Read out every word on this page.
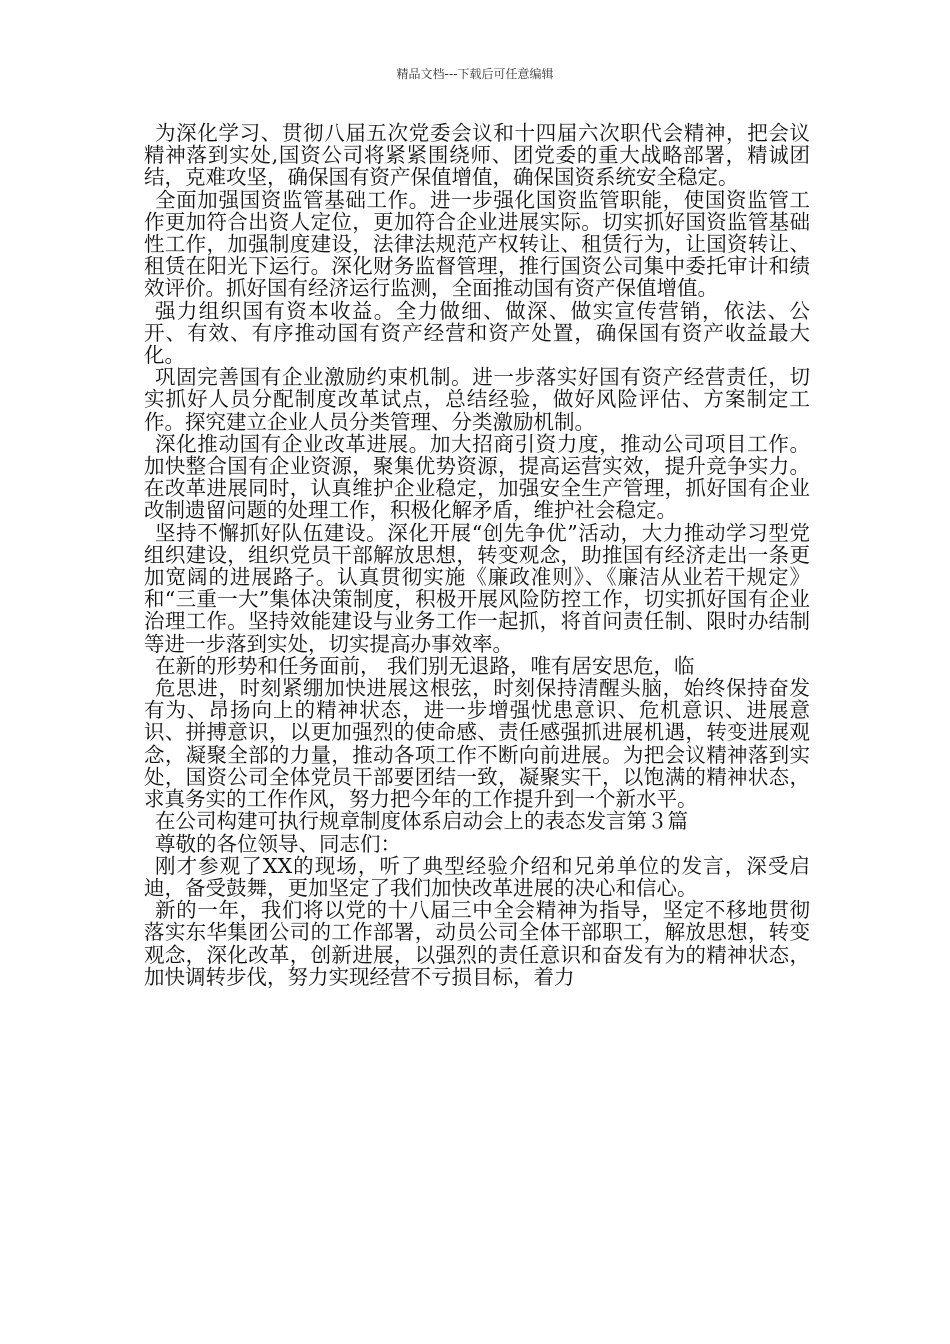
精品文档---下载后可任意编辑

为深化学习、贯彻八届五次党委会议和十四届六次职代会精神，把会议精神落到实处,国资公司将紧紧围绕师、团党委的重大战略部署，精诚团结，克难攻坚，确保国有资产保值增值，确保国资系统安全稳定。

全面加强国资监管基础工作。进一步强化国资监管职能，使国资监管工作更加符合出资人定位，更加符合企业进展实际。切实抓好国资监管基础性工作，加强制度建设，法律法规范产权转让、租赁行为，让国资转让、租赁在阳光下运行。深化财务监督管理，推行国资公司集中委托审计和绩效评价。抓好国有经济运行监测，全面推动国有资产保值增值。

强力组织国有资本收益。全力做细、做深、做实宣传营销，依法、公开、有效、有序推动国有资产经营和资产处置，确保国有资产收益最大化。

巩固完善国有企业激励约束机制。进一步落实好国有资产经营责任，切实抓好人员分配制度改革试点，总结经验，做好风险评估、方案制定工作。探究建立企业人员分类管理、分类激励机制。

深化推动国有企业改革进展。加大招商引资力度，推动公司项目工作。加快整合国有企业资源，聚集优势资源，提高运营实效，提升竞争实力。在改革进展同时，认真维护企业稳定，加强安全生产管理，抓好国有企业改制遗留问题的处理工作，积极化解矛盾，维护社会稳定。

坚持不懈抓好队伍建设。深化开展“创先争优”活动，大力推动学习型党组织建设，组织党员干部解放思想，转变观念，助推国有经济走出一条更加宽阔的进展路子。认真贯彻实施《廉政准则》、《廉洁从业若干规定》和“三重一大”集体决策制度，积极开展风险防控工作，切实抓好国有企业治理工作。坚持效能建设与业务工作一起抓，将首问责任制、限时办结制等进一步落到实处，切实提高办事效率。

在新的形势和任务面前， 我们别无退路，唯有居安思危，临

危思进，时刻紧绷加快进展这根弦，时刻保持清醒头脑，始终保持奋发有为、昂扬向上的精神状态，进一步增强忧患意识、危机意识、进展意识、拼搏意识，以更加强烈的使命感、责任感强抓进展机遇，转变进展观念，凝聚全部的力量，推动各项工作不断向前进展。为把会议精神落到实处，国资公司全体党员干部要团结一致，凝聚实干，以饱满的精神状态，求真务实的工作作风，努力把今年的工作提升到一个新水平。

在公司构建可执行规章制度体系启动会上的表态发言第３篇

尊敬的各位领导、同志们：

刚才参观了XX的现场，听了典型经验介绍和兄弟单位的发言，深受启迪，备受鼓舞，更加坚定了我们加快改革进展的决心和信心。

新的一年，我们将以党的十八届三中全会精神为指导，坚定不移地贯彻落实东华集团公司的工作部署，动员公司全体干部职工，解放思想，转变观念，深化改革，创新进展，以强烈的责任意识和奋发有为的精神状态，加快调转步伐，努力实现经营不亏损目标，着力
